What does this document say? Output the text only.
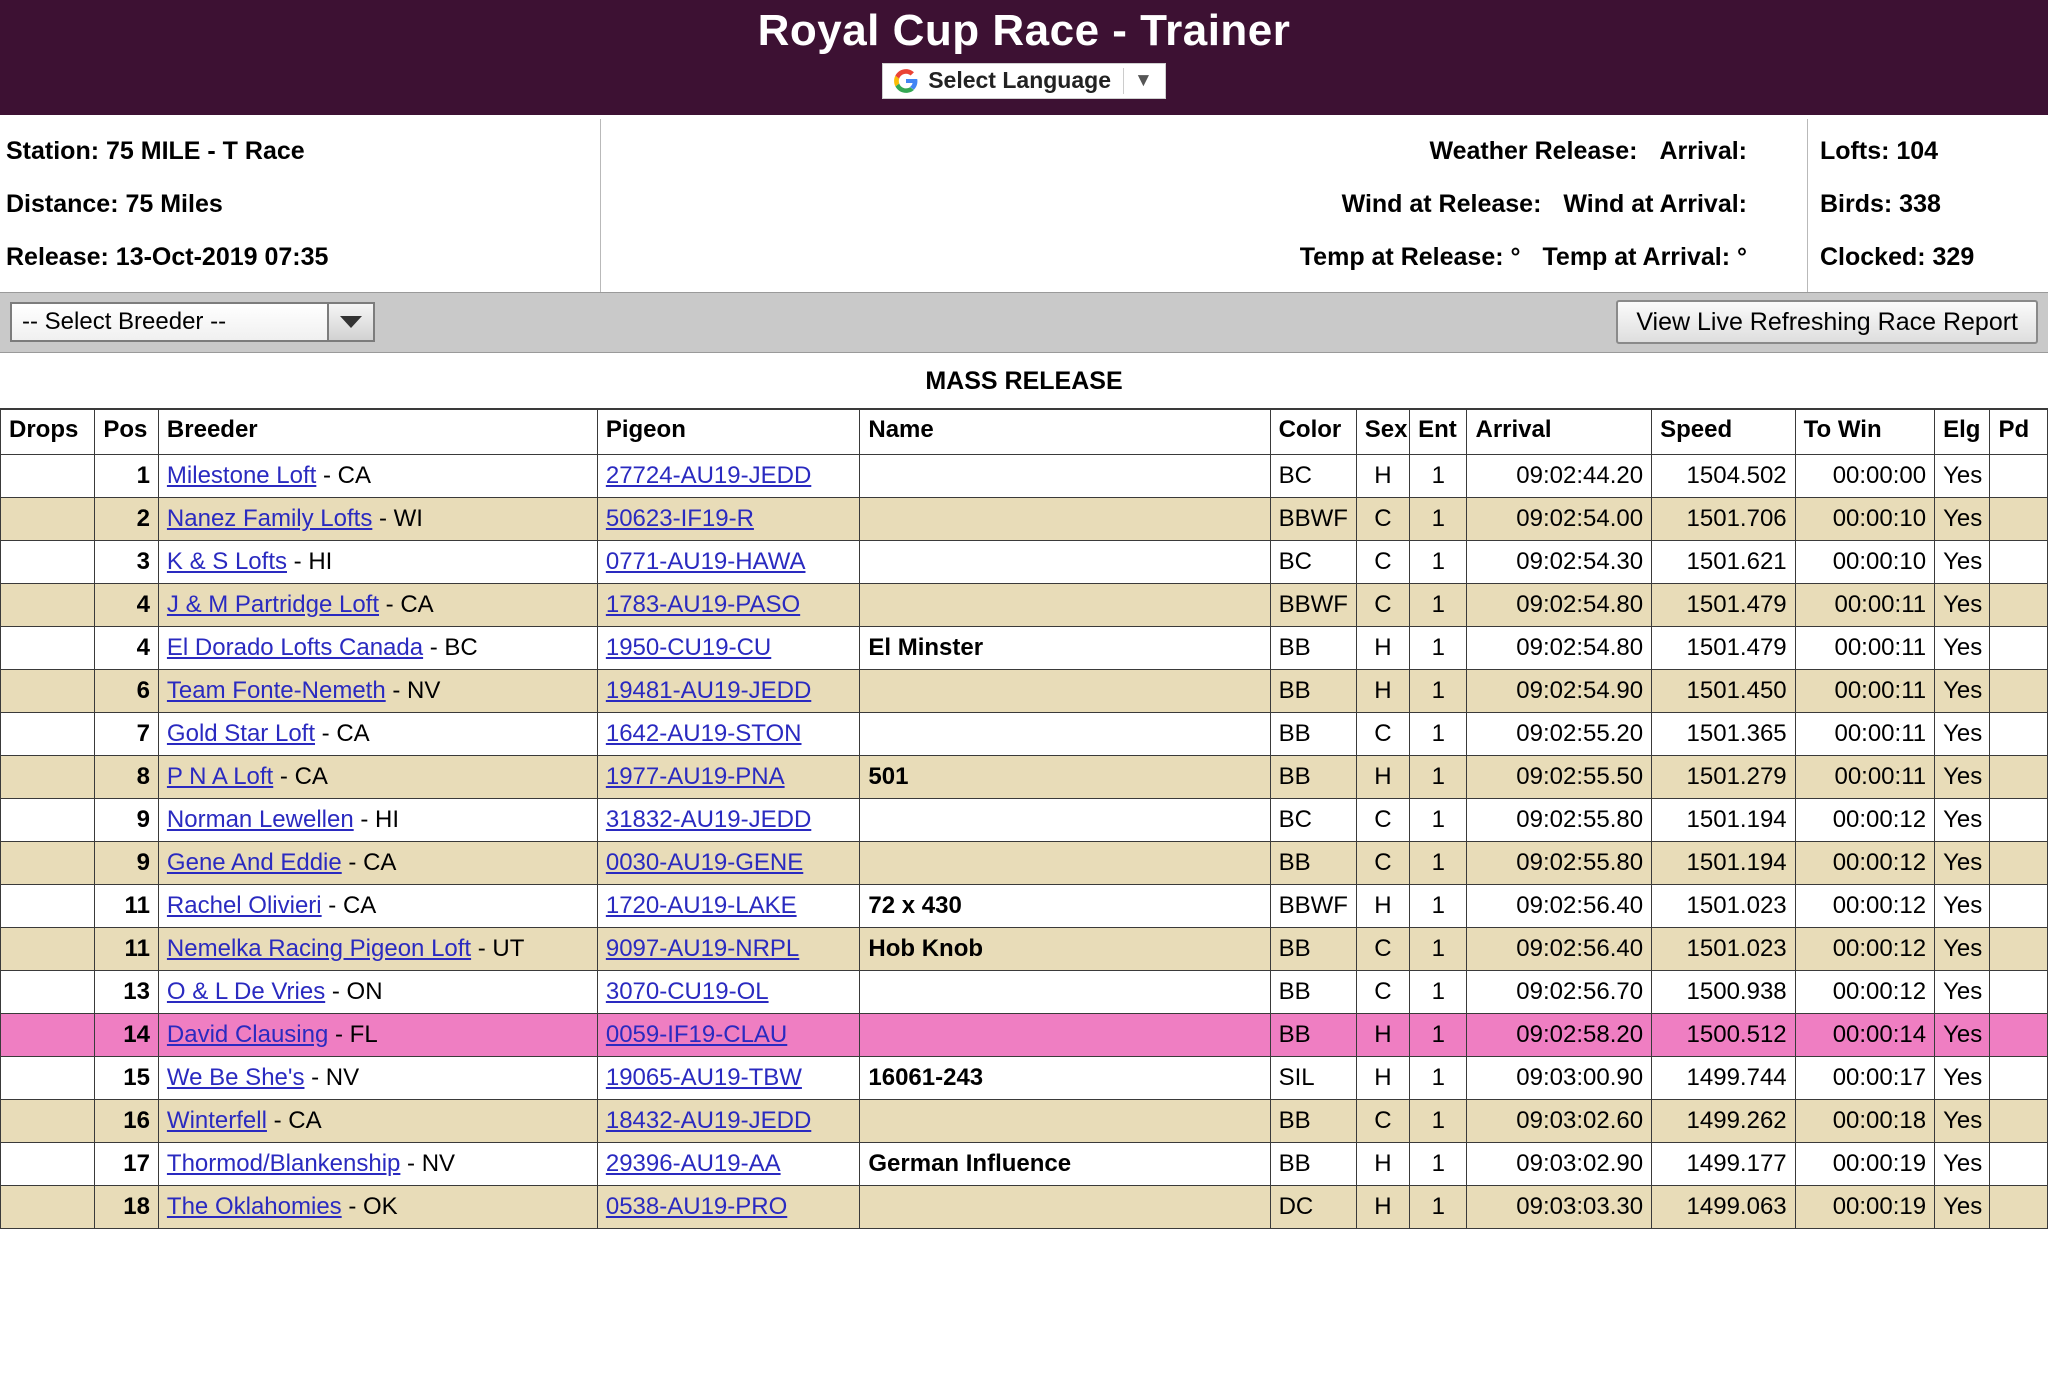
Royal Cup Race - Trainer
Select Language	▼
Station: 75 MILE - T Race
Distance: 75 Miles
Release: 13-Oct-2019 07:35
Weather Release: Arrival:
Wind at Release: Wind at Arrival:
Temp at Release: ° Temp at Arrival: °
Lofts: 104
Birds: 338
Clocked: 329
-- Select Breeder --	View Live Refreshing Race Report
MASS RELEASE
Drops	Pos	Breeder	Pigeon	Name	Color	Sex	Ent	Arrival	Speed	To Win	Elg	Pd
	1	Milestone Loft - CA	27724-AU19-JEDD		BC	H	1	09:02:44.20	1504.502	00:00:00	Yes	
	2	Nanez Family Lofts - WI	50623-IF19-R		BBWF	C	1	09:02:54.00	1501.706	00:00:10	Yes	
	3	K & S Lofts - HI	0771-AU19-HAWA		BC	C	1	09:02:54.30	1501.621	00:00:10	Yes	
	4	J & M Partridge Loft - CA	1783-AU19-PASO		BBWF	C	1	09:02:54.80	1501.479	00:00:11	Yes	
	4	El Dorado Lofts Canada - BC	1950-CU19-CU	El Minster	BB	H	1	09:02:54.80	1501.479	00:00:11	Yes	
	6	Team Fonte-Nemeth - NV	19481-AU19-JEDD		BB	H	1	09:02:54.90	1501.450	00:00:11	Yes	
	7	Gold Star Loft - CA	1642-AU19-STON		BB	C	1	09:02:55.20	1501.365	00:00:11	Yes	
	8	P N A Loft - CA	1977-AU19-PNA	501	BB	H	1	09:02:55.50	1501.279	00:00:11	Yes	
	9	Norman Lewellen - HI	31832-AU19-JEDD		BC	C	1	09:02:55.80	1501.194	00:00:12	Yes	
	9	Gene And Eddie - CA	0030-AU19-GENE		BB	C	1	09:02:55.80	1501.194	00:00:12	Yes	
	11	Rachel Olivieri - CA	1720-AU19-LAKE	72 x 430	BBWF	H	1	09:02:56.40	1501.023	00:00:12	Yes	
	11	Nemelka Racing Pigeon Loft - UT	9097-AU19-NRPL	Hob Knob	BB	C	1	09:02:56.40	1501.023	00:00:12	Yes	
	13	O & L De Vries - ON	3070-CU19-OL		BB	C	1	09:02:56.70	1500.938	00:00:12	Yes	
	14	David Clausing - FL	0059-IF19-CLAU		BB	H	1	09:02:58.20	1500.512	00:00:14	Yes	
	15	We Be She's - NV	19065-AU19-TBW	16061-243	SIL	H	1	09:03:00.90	1499.744	00:00:17	Yes	
	16	Winterfell - CA	18432-AU19-JEDD		BB	C	1	09:03:02.60	1499.262	00:00:18	Yes	
	17	Thormod/Blankenship - NV	29396-AU19-AA	German Influence	BB	H	1	09:03:02.90	1499.177	00:00:19	Yes	
	18	The Oklahomies - OK	0538-AU19-PRO		DC	H	1	09:03:03.30	1499.063	00:00:19	Yes	
